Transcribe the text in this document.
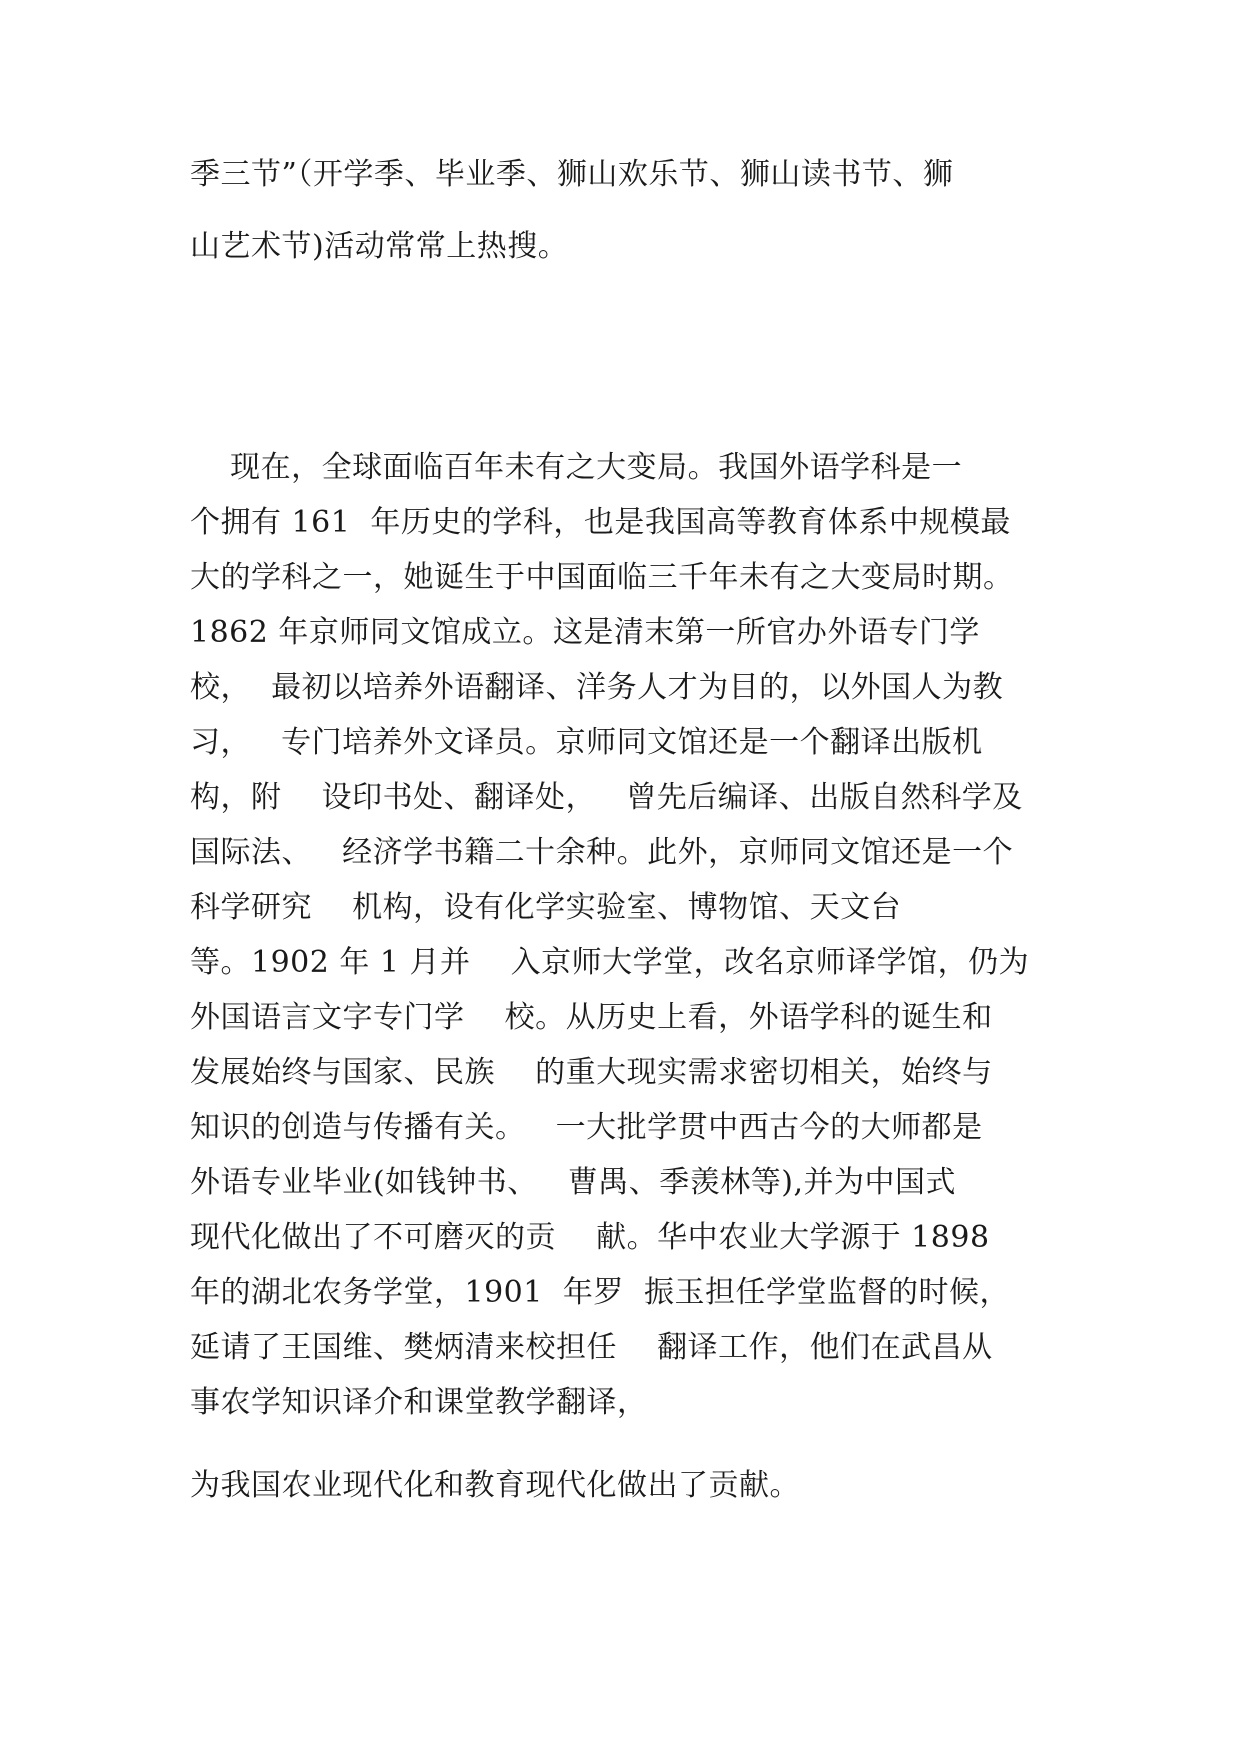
季三节”（开学季、毕业季、狮山欢乐节、狮山读书节、狮
山艺术节)活动常常上热搜。
现在，全球面临百年未有之大变局。我国外语学科是一
个拥有 161  年历史的学科，也是我国高等教育体系中规模最
大的学科之一，她诞生于中国面临三千年未有之大变局时期。
1862 年京师同文馆成立。这是清末第一所官办外语专门学
校，  最初以培养外语翻译、洋务人才为目的，以外国人为教
习，   专门培养外文译员。京师同文馆还是一个翻译出版机
构，附    设印书处、翻译处，   曾先后编译、出版自然科学及
国际法、   经济学书籍二十余种。此外，京师同文馆还是一个
科学研究    机构，设有化学实验室、博物馆、天文台
等。1902 年 1 月并    入京师大学堂，改名京师译学馆，仍为
外国语言文字专门学    校。从历史上看，外语学科的诞生和
发展始终与国家、民族    的重大现实需求密切相关，始终与
知识的创造与传播有关。   一大批学贯中西古今的大师都是
外语专业毕业(如钱钟书、   曹禺、季羡林等),并为中国式
现代化做出了不可磨灭的贡    献。华中农业大学源于 1898
年的湖北农务学堂，1901  年罗  振玉担任学堂监督的时候，
延请了王国维、樊炳清来校担任    翻译工作，他们在武昌从
事农学知识译介和课堂教学翻译，
为我国农业现代化和教育现代化做出了贡献。
